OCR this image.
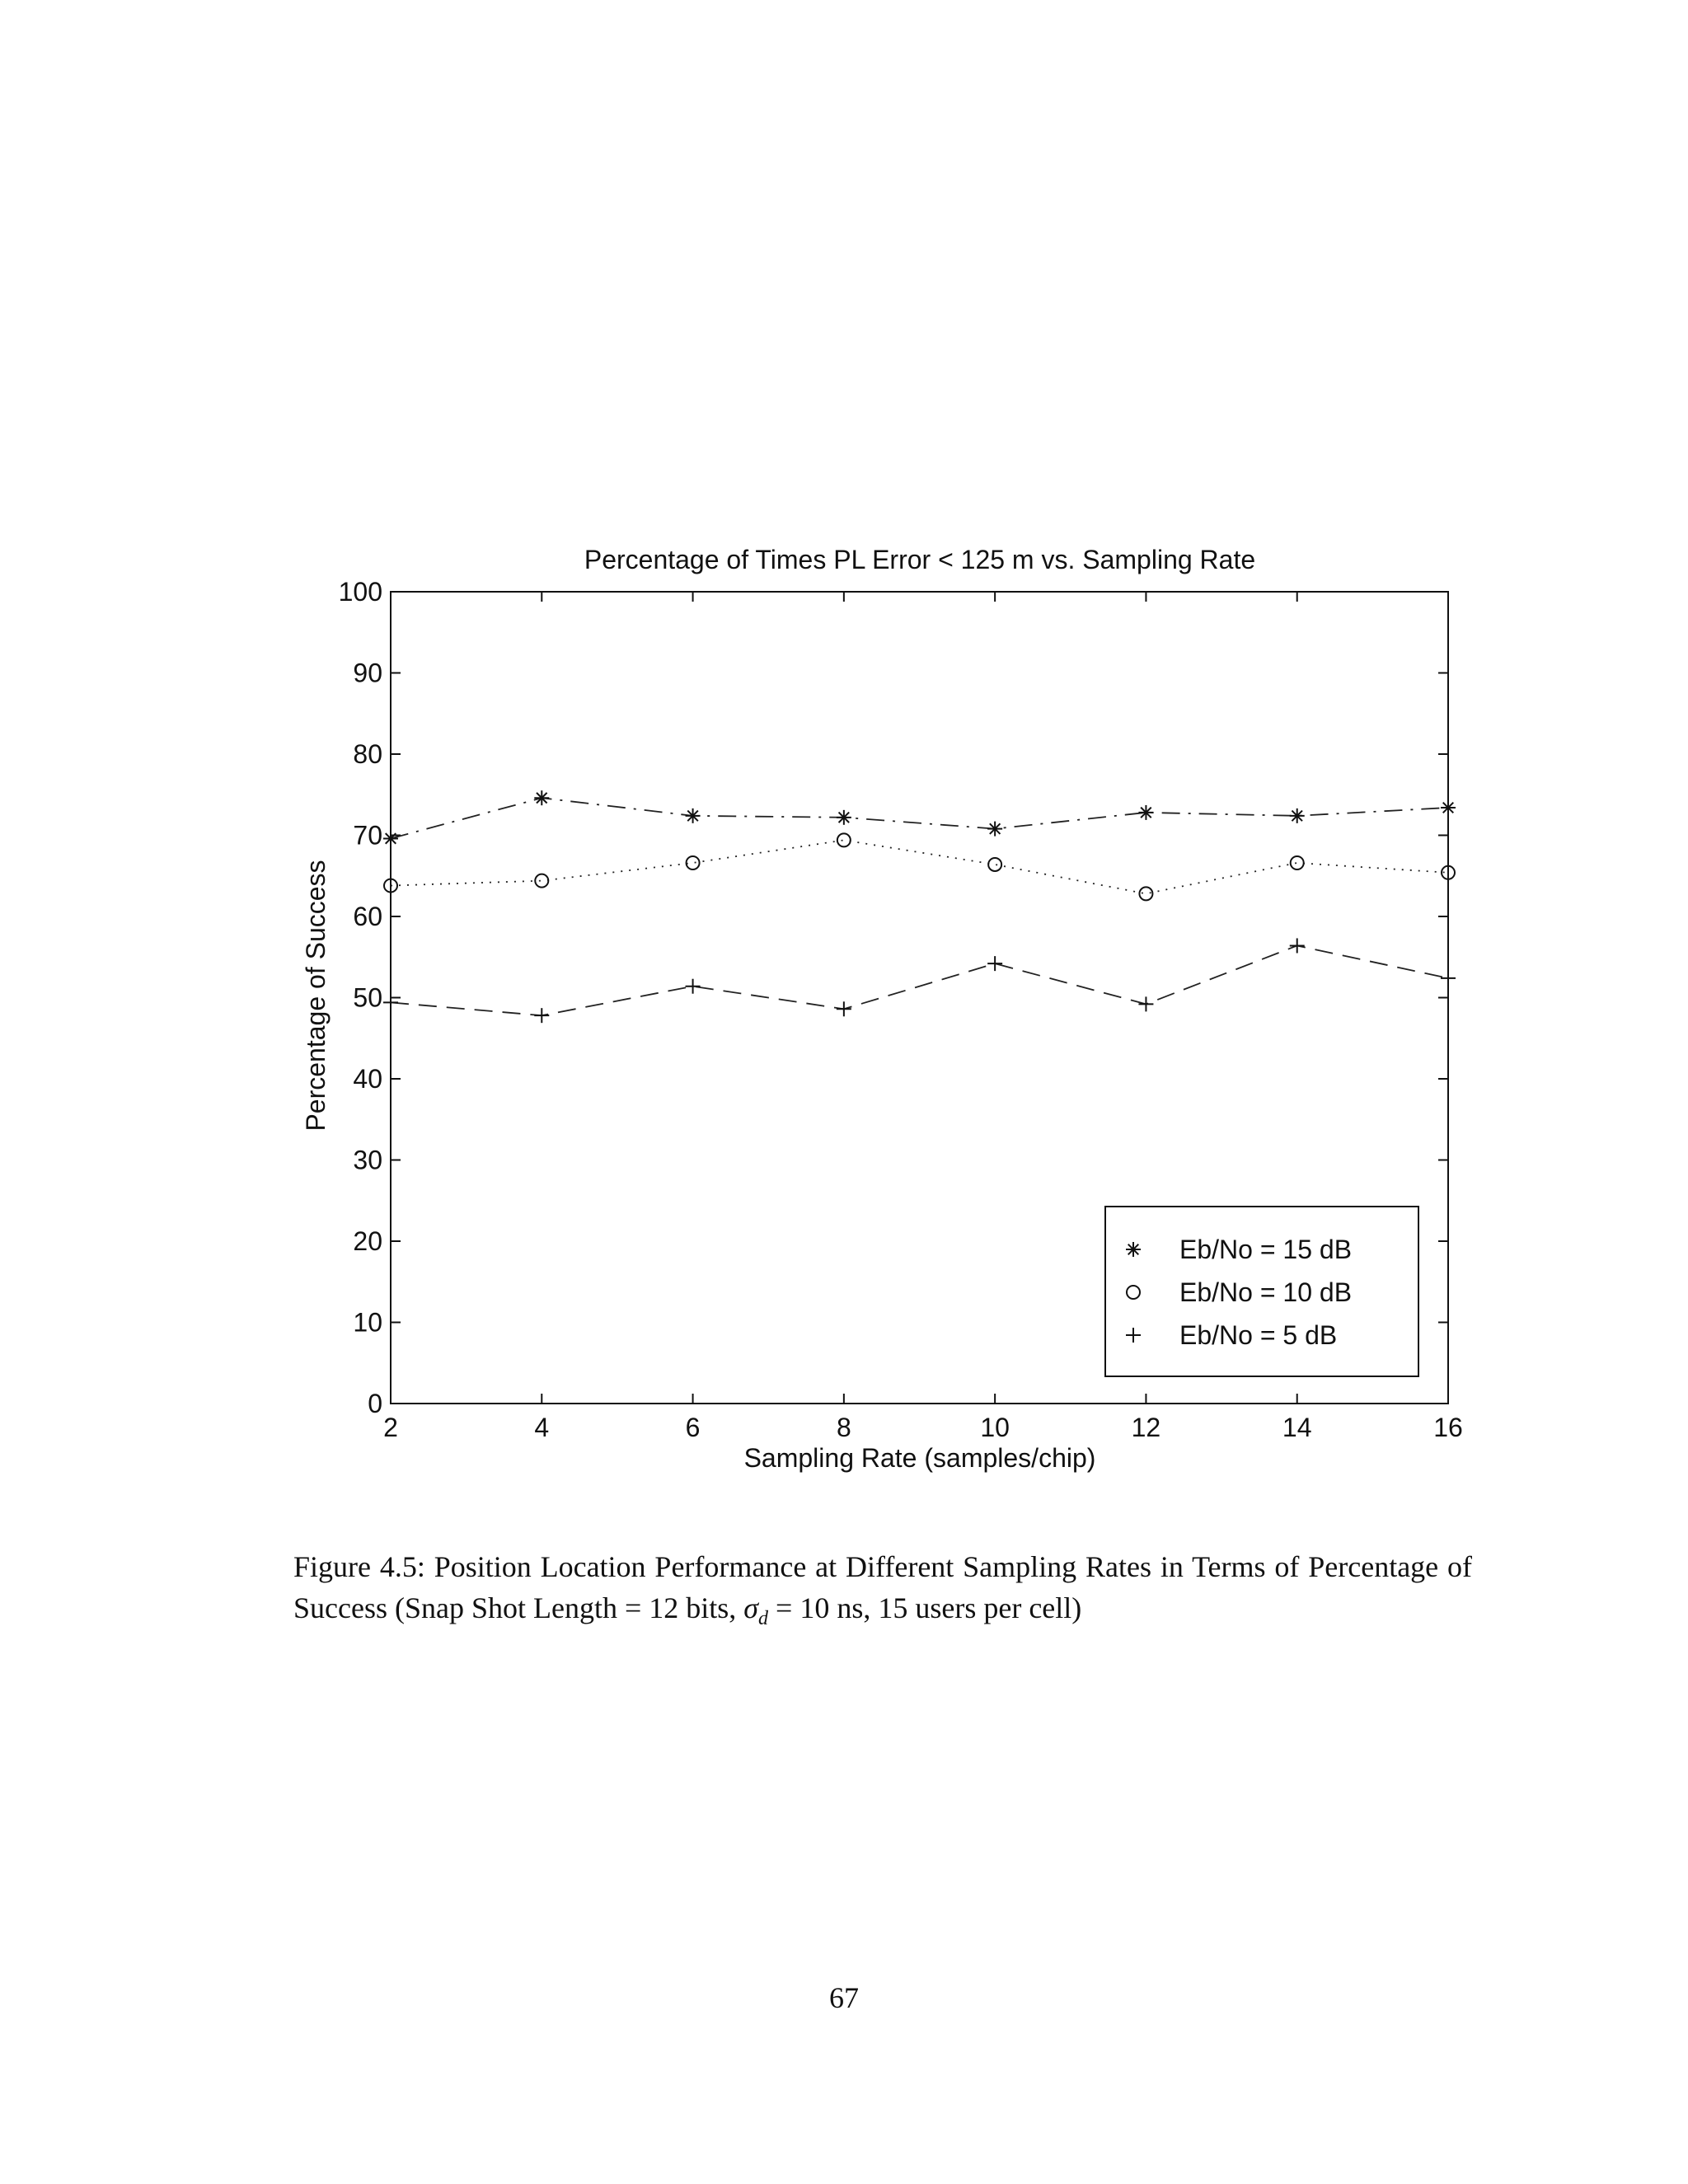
Percentage of Times PL Error < 125 m vs. Sampling Rate
2	4	6	8	10	12	14	16
0
10
20
30
40
50
60
70
80
90
100
Sampling Rate (samples/chip)
Percentage of Success
Eb/No = 15 dB
Eb/No = 10 dB
Eb/No = 5 dB
Figure 4.5: Position Location Performance at Different Sampling Rates in Terms of Percentage of Success (Snap Shot Length = 12 bits, $\sigma_d = 10$ ns, 15 users per cell)
67
